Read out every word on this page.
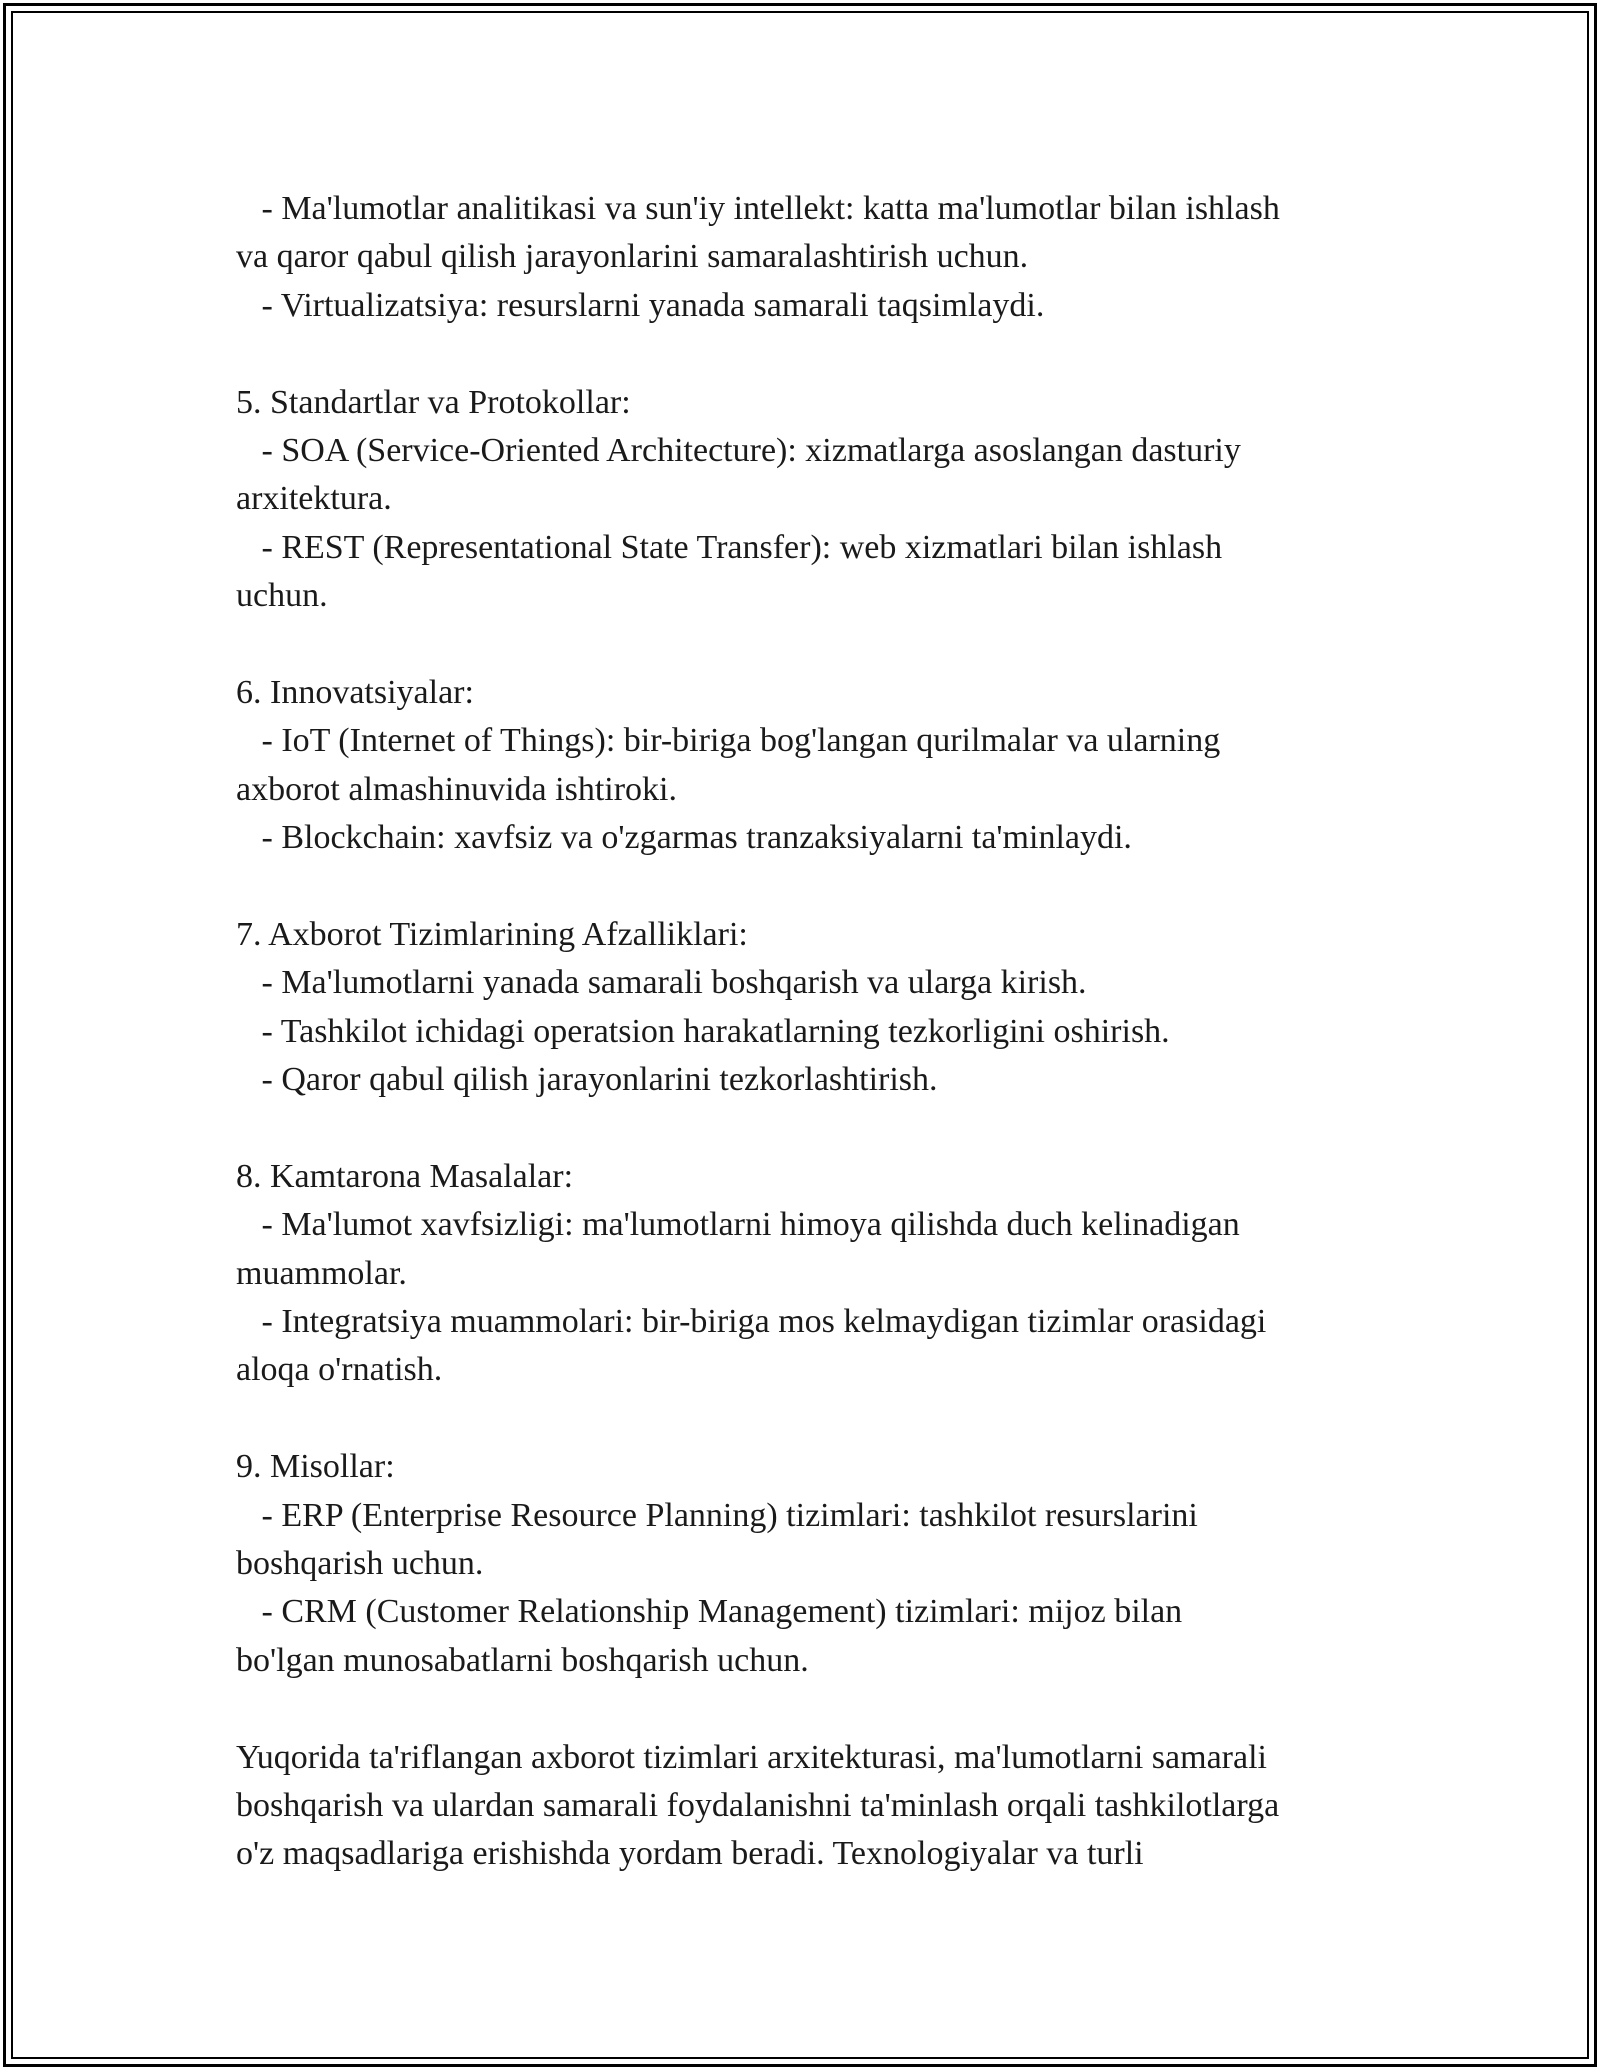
- Ma'lumotlar analitikasi va sun'iy intellekt: katta ma'lumotlar bilan ishlash
va qaror qabul qilish jarayonlarini samaralashtirish uchun.
- Virtualizatsiya: resurslarni yanada samarali taqsimlaydi.
5. Standartlar va Protokollar:
- SOA (Service-Oriented Architecture): xizmatlarga asoslangan dasturiy
arxitektura.
- REST (Representational State Transfer): web xizmatlari bilan ishlash
uchun.
6. Innovatsiyalar:
- IoT (Internet of Things): bir-biriga bog'langan qurilmalar va ularning
axborot almashinuvida ishtiroki.
- Blockchain: xavfsiz va o'zgarmas tranzaksiyalarni ta'minlaydi.
7. Axborot Tizimlarining Afzalliklari:
- Ma'lumotlarni yanada samarali boshqarish va ularga kirish.
- Tashkilot ichidagi operatsion harakatlarning tezkorligini oshirish.
- Qaror qabul qilish jarayonlarini tezkorlashtirish.
8. Kamtarona Masalalar:
- Ma'lumot xavfsizligi: ma'lumotlarni himoya qilishda duch kelinadigan
muammolar.
- Integratsiya muammolari: bir-biriga mos kelmaydigan tizimlar orasidagi
aloqa o'rnatish.
9. Misollar:
- ERP (Enterprise Resource Planning) tizimlari: tashkilot resurslarini
boshqarish uchun.
- CRM (Customer Relationship Management) tizimlari: mijoz bilan
bo'lgan munosabatlarni boshqarish uchun.
Yuqorida ta'riflangan axborot tizimlari arxitekturasi, ma'lumotlarni samarali
boshqarish va ulardan samarali foydalanishni ta'minlash orqali tashkilotlarga
o'z maqsadlariga erishishda yordam beradi. Texnologiyalar va turli
